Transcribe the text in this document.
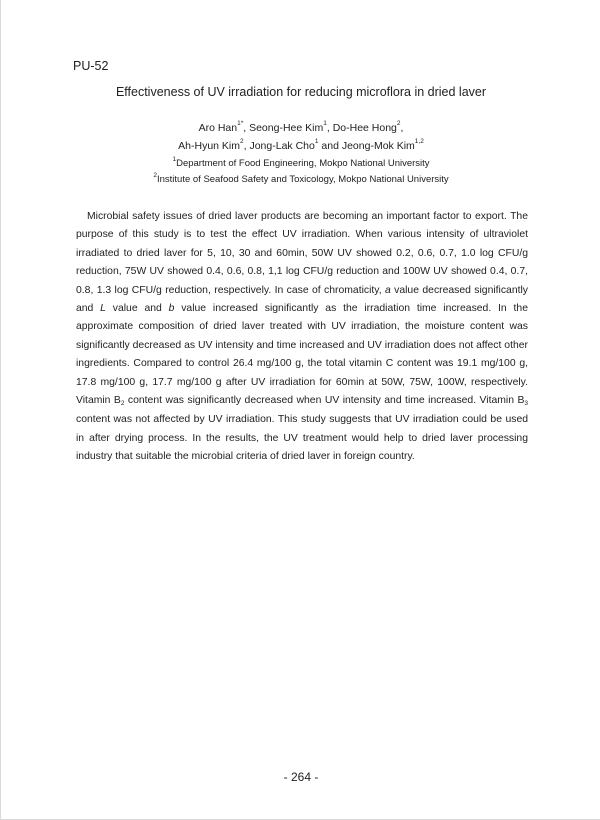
PU-52
Effectiveness of UV irradiation for reducing microflora in dried laver
Aro Han$^{1*}$, Seong-Hee Kim$^1$, Do-Hee Hong$^2$,
Ah-Hyun Kim$^2$, Jong-Lak Cho$^1$ and Jeong-Mok Kim$^{1,2}$
$^1$Department of Food Engineering, Mokpo National University
$^2$Institute of Seafood Safety and Toxicology, Mokpo National University
Microbial safety issues of dried laver products are becoming an important factor to export. The purpose of this study is to test the effect UV irradiation. When various intensity of ultraviolet irradiated to dried laver for 5, 10, 30 and 60min, 50W UV showed 0.2, 0.6, 0.7, 1.0 log CFU/g reduction, 75W UV showed 0.4, 0.6, 0.8, 1,1 log CFU/g reduction and 100W UV showed 0.4, 0.7, 0.8, 1.3 log CFU/g reduction, respectively. In case of chromaticity, a value decreased significantly and L value and b value increased significantly as the irradiation time increased. In the approximate composition of dried laver treated with UV irradiation, the moisture content was significantly decreased as UV intensity and time increased and UV irradiation does not affect other ingredients. Compared to control 26.4 mg/100 g, the total vitamin C content was 19.1 mg/100 g, 17.8 mg/100 g, 17.7 mg/100 g after UV irradiation for 60min at 50W, 75W, 100W, respectively. Vitamin $B_2$ content was significantly decreased when UV intensity and time increased. Vitamin $B_3$ content was not affected by UV irradiation. This study suggests that UV irradiation could be used in after drying process. In the results, the UV treatment would help to dried laver processing industry that suitable the microbial criteria of dried laver in foreign country.
- 264 -
